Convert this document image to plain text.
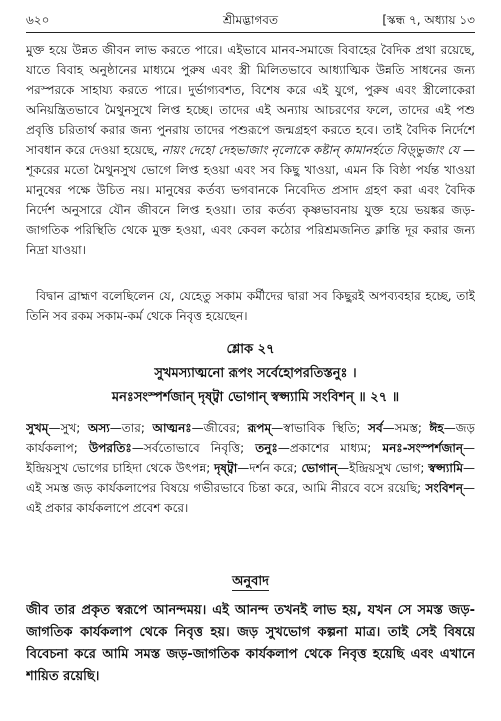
৬২০	শ্রীমদ্ভাগবত	[স্কন্ধ ৭, অধ্যায় ১৩
মুক্ত হয়ে উন্নত জীবন লাভ করতে পারে। এইভাবে মানব-সমাজে বিবাহের বৈদিক প্রথা রয়েছে, যাতে বিবাহ অনুষ্ঠানের মাধ্যমে পুরুষ এবং স্ত্রী মিলিতভাবে আধ্যাত্মিক উন্নতি সাধনের জন্য পরস্পরকে সাহায্য করতে পারে। দুর্ভাগ্যবশত, বিশেষ করে এই যুগে, পুরুষ এবং স্ত্রীলোকেরা অনিয়ন্ত্রিতভাবে মৈথুনসুখে লিপ্ত হচ্ছে। তাদের এই অন্যায় আচরণের ফলে, তাদের এই পশু প্রবৃত্তি চরিতার্থ করার জন্য পুনরায় তাদের পশুরূপে জন্মগ্রহণ করতে হবে। তাই বৈদিক নির্দেশে সাবধান করে দেওয়া হয়েছে, নায়ং দেহো দেহভাজাং নৃলোকে কষ্টান্ কামানর্হতে বিড়্ভুজাং যে —শূকরের মতো মৈথুনসুখ ভোগে লিপ্ত হওয়া এবং সব কিছু খাওয়া, এমন কি বিষ্ঠা পর্যন্ত খাওয়া মানুষের পক্ষে উচিত নয়। মানুষের কর্তব্য ভগবানকে নিবেদিত প্রসাদ গ্রহণ করা এবং বৈদিক নির্দেশ অনুসারে যৌন জীবনে লিপ্ত হওয়া। তার কর্তব্য কৃষ্ণভাবনায় যুক্ত হয়ে ভয়ঙ্কর জড়-জাগতিক পরিস্থিতি থেকে মুক্ত হওয়া, এবং কেবল কঠোর পরিশ্রমজনিত ক্লান্তি দূর করার জন্য নিদ্রা যাওয়া।
বিদ্বান ব্রাহ্মণ বলেছিলেন যে, যেহেতু সকাম কর্মীদের দ্বারা সব কিছুরই অপব্যবহার হচ্ছে, তাই তিনি সব রকম সকাম-কর্ম থেকে নিবৃত্ত হয়েছেন।
শ্লোক ২৭
সুখমস্যাত্মনো রূপং সর্বেহোপরতিস্তনুঃ ।
মনঃসংস্পর্শজান্ দৃষ্ট্বা ভোগান্ স্বপ্স্যামি সংবিশন্ ॥ ২৭ ॥
সুখম্—সুখ; অস্য—তার; আত্মনঃ—জীবের; রূপম্—স্বাভাবিক স্থিতি; সর্ব—সমস্ত; ঈহ—জড় কার্যকলাপ; উপরতিঃ—সর্বতোভাবে নিবৃত্তি; তনুঃ—প্রকাশের মাধ্যম; মনঃ-সংস্পর্শজান্—ইন্দ্রিয়সুখ ভোগের চাহিদা থেকে উৎপন্ন; দৃষ্ট্বা—দর্শন করে; ভোগান্—ইন্দ্রিয়সুখ ভোগ; স্বপ্স্যামি—এই সমস্ত জড় কার্যকলাপের বিষয়ে গভীরভাবে চিন্তা করে, আমি নীরবে বসে রয়েছি; সংবিশন্—এই প্রকার কার্যকলাপে প্রবেশ করে।
অনুবাদ
জীব তার প্রকৃত স্বরূপে আনন্দময়। এই আনন্দ তখনই লাভ হয়, যখন সে সমস্ত জড়-জাগতিক কার্যকলাপ থেকে নিবৃত্ত হয়। জড় সুখভোগ কল্পনা মাত্র। তাই সেই বিষয়ে বিবেচনা করে আমি সমস্ত জড়-জাগতিক কার্যকলাপ থেকে নিবৃত্ত হয়েছি এবং এখানে শায়িত রয়েছি।
